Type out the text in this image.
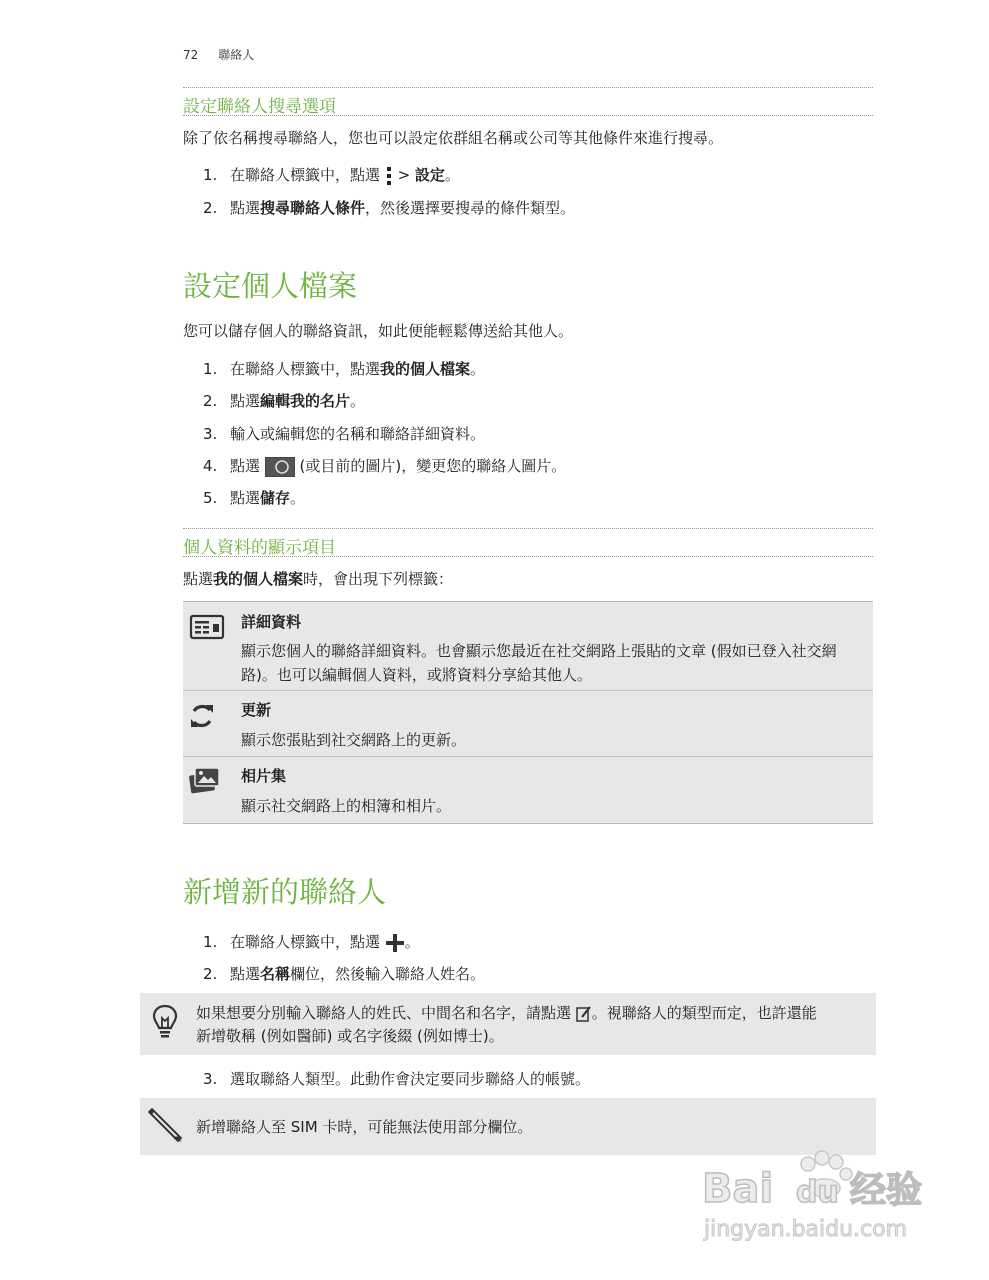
72 聯絡人
設定聯絡人搜尋選項
除了依名稱搜尋聯絡人，您也可以設定依群組名稱或公司等其他條件來進行搜尋。
1. 在聯絡人標籤中，點選  > 設定。
2. 點選搜尋聯絡人條件，然後選擇要搜尋的條件類型。
設定個人檔案
您可以儲存個人的聯絡資訊，如此便能輕鬆傳送給其他人。
1. 在聯絡人標籤中，點選我的個人檔案。
2. 點選編輯我的名片。
3. 輸入或編輯您的名稱和聯絡詳細資料。
4. 點選  (或目前的圖片)，變更您的聯絡人圖片。
5. 點選儲存。
個人資料的顯示項目
點選我的個人檔案時，會出現下列標籤：
詳細資料
顯示您個人的聯絡詳細資料。也會顯示您最近在社交網路上張貼的文章 (假如已登入社交網路)。也可以編輯個人資料，或將資料分享給其他人。
更新
顯示您張貼到社交網路上的更新。
相片集
顯示社交網路上的相簿和相片。
新增新的聯絡人
1. 在聯絡人標籤中，點選 。
2. 點選名稱欄位，然後輸入聯絡人姓名。
如果想要分別輸入聯絡人的姓氏、中間名和名字，請點選 。視聯絡人的類型而定，也許還能
新增敬稱 (例如醫師) 或名字後綴 (例如博士)。
3. 選取聯絡人類型。此動作會決定要同步聯絡人的帳號。
新增聯絡人至 SIM 卡時，可能無法使用部分欄位。
Bai du 经验
jingyan.baidu.com
